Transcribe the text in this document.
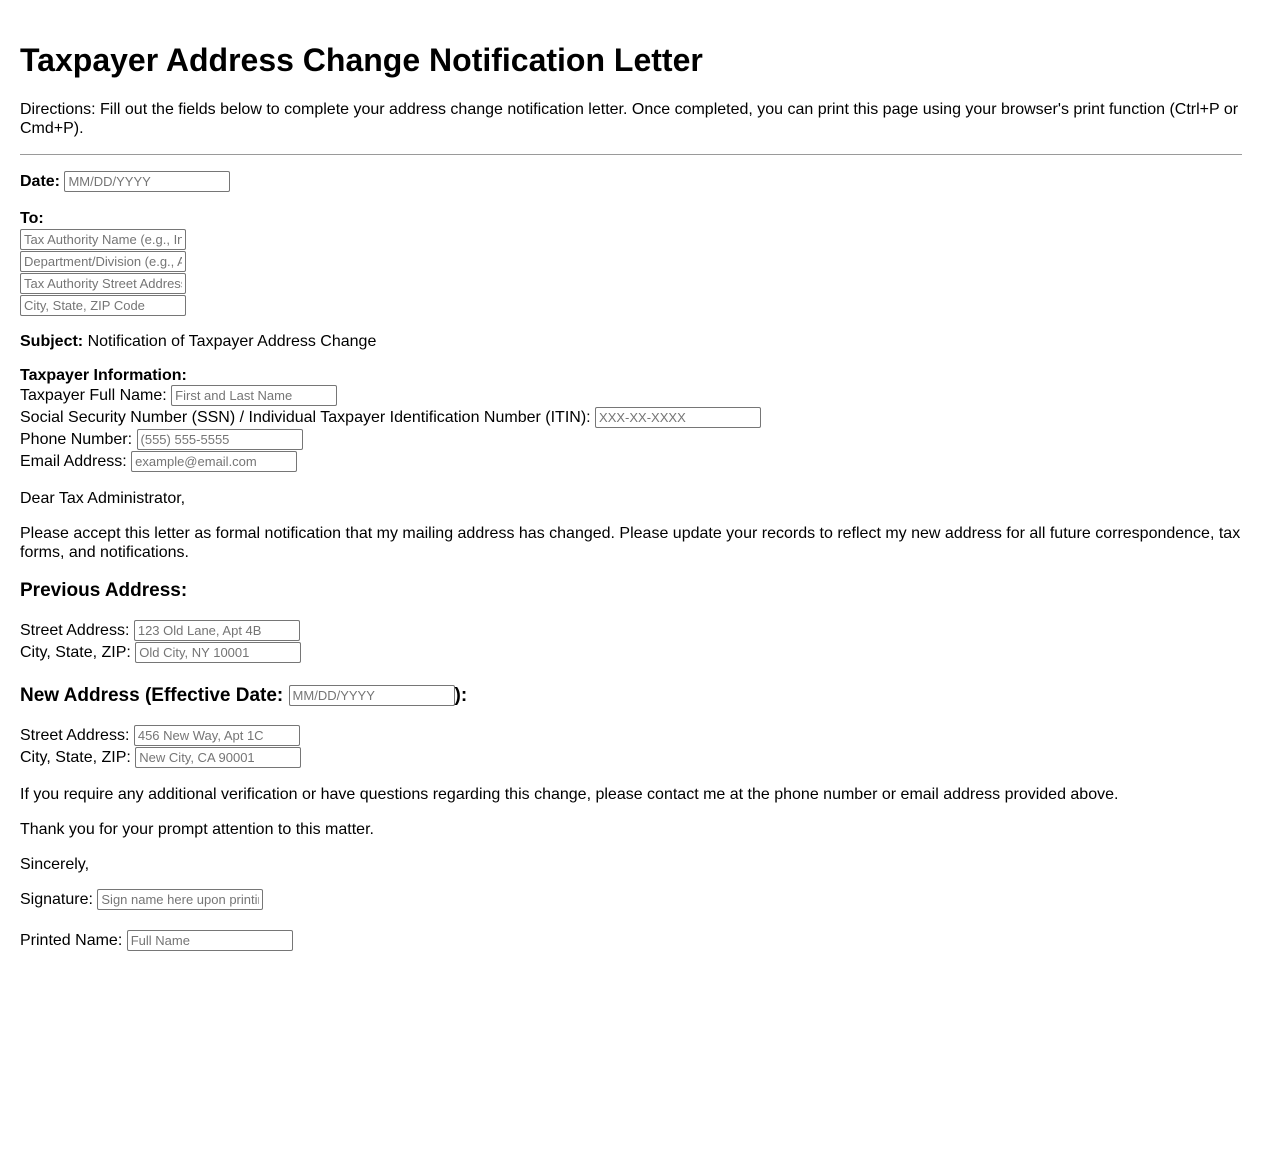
Taxpayer Address Change Notification Letter
Directions: Fill out the fields below to complete your address change notification letter. Once completed, you can print this page using your browser's print function (Ctrl+P or Cmd+P).
Date: MM/DD/YYYY
To:
Tax Authority Name (e.g., Internal Revenue Service)
Department/Division (e.g., Address Change Unit)
Tax Authority Street Address
City, State, ZIP Code
Subject: Notification of Taxpayer Address Change
Taxpayer Information:
Taxpayer Full Name: First and Last Name
Social Security Number (SSN) / Individual Taxpayer Identification Number (ITIN): XXX-XX-XXXX
Phone Number: (555) 555-5555
Email Address: example@email.com
Dear Tax Administrator,
Please accept this letter as formal notification that my mailing address has changed. Please update your records to reflect my new address for all future correspondence, tax forms, and notifications.
Previous Address:
Street Address: 123 Old Lane, Apt 4B
City, State, ZIP: Old City, NY 10001
New Address (Effective Date: MM/DD/YYYY	):
Street Address: 456 New Way, Apt 1C
City, State, ZIP: New City, CA 90001
If you require any additional verification or have questions regarding this change, please contact me at the phone number or email address provided above.
Thank you for your prompt attention to this matter.
Sincerely,
Signature: Sign name here upon printing
Printed Name: Full Name
